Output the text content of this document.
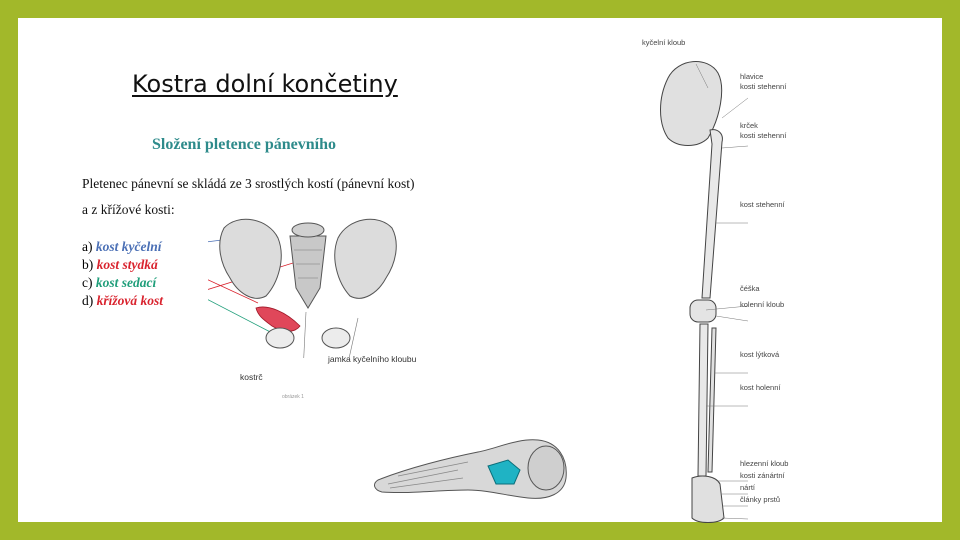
Kostra dolní končetiny
Složení pletence pánevního
Pletenec pánevní se skládá ze 3 srostlých kostí (pánevní kost)
a z křížové kosti:
a) kost kyčelní
b) kost stydká
c) kost sedací
d) křížová kost
jamka kyčelního kloubu
kostrč
obrázek 1
kyčelní kloub
hlavice
kosti stehenní
krček
kosti stehenní
kost stehenní
čéška
kolenní kloub
kost lýtková
kost holenní
hlezenní kloub
kosti zánártní
nártí
články prstů
